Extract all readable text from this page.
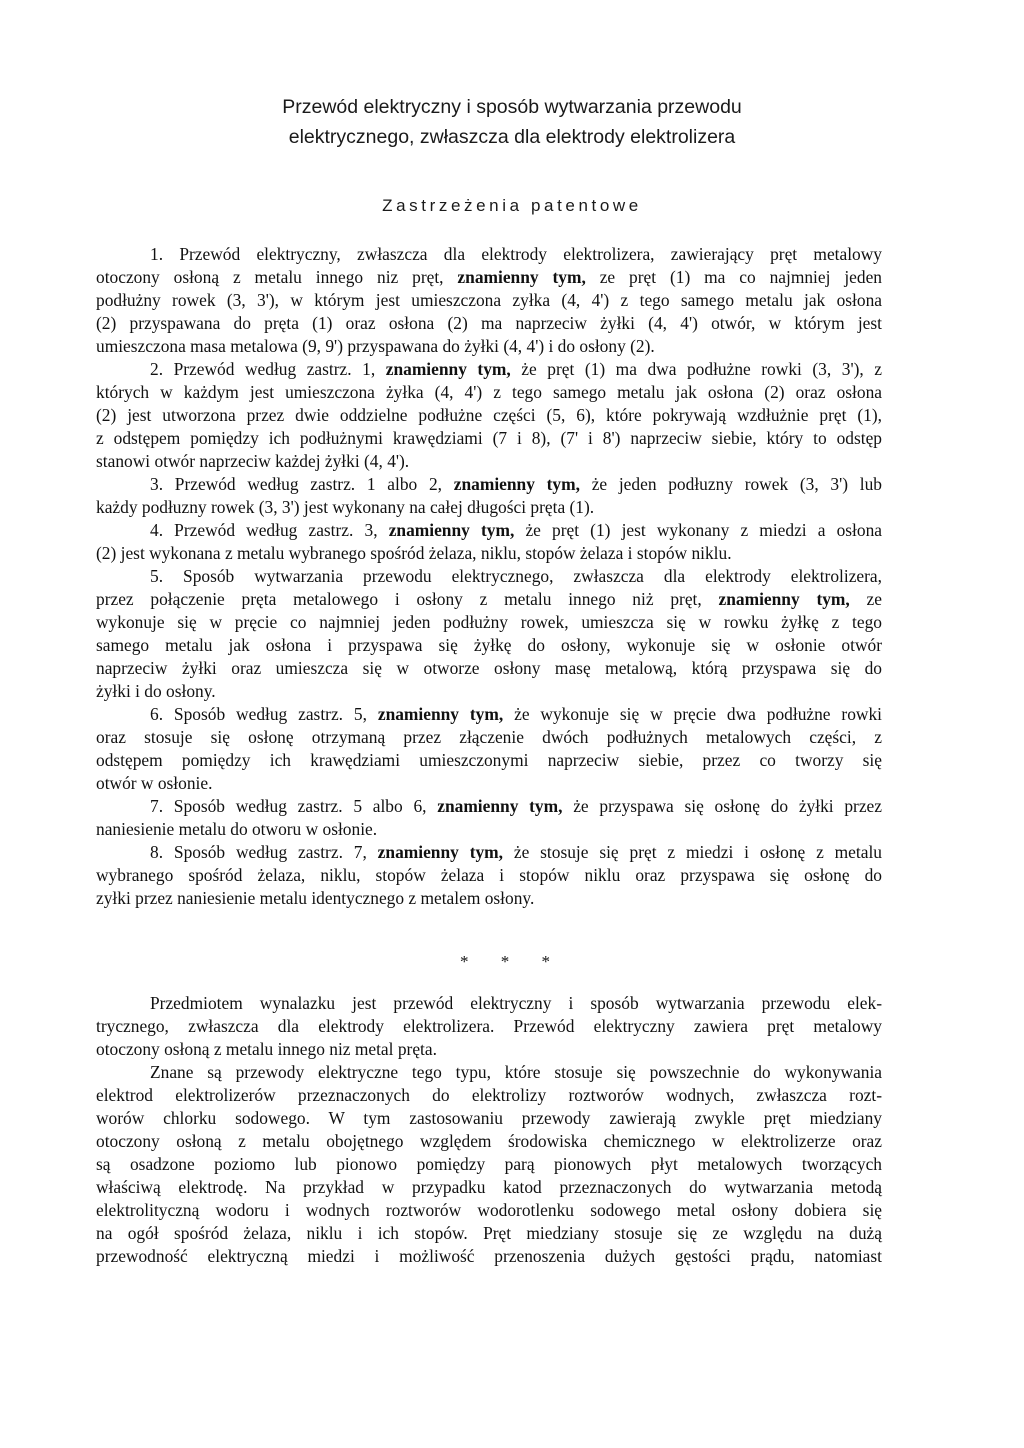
Przewód elektryczny i sposób wytwarzania przewodu
elektrycznego, zwłaszcza dla elektrody elektrolizera
Zastrzeżenia patentowe
1. Przewód elektryczny, zwłaszcza dla elektrody elektrolizera, zawierający pręt metalowy
otoczony osłoną z metalu innego niz pręt, znamienny tym, ze pręt (1) ma co najmniej jeden
podłużny rowek (3, 3'), w którym jest umieszczona zyłka (4, 4') z tego samego metalu jak osłona
(2) przyspawana do pręta (1) oraz osłona (2) ma naprzeciw żyłki (4, 4') otwór, w którym jest
umieszczona masa metalowa (9, 9') przyspawana do żyłki (4, 4') i do osłony (2).
2. Przewód według zastrz. 1, znamienny tym, że pręt (1) ma dwa podłużne rowki (3, 3'), z
których w każdym jest umieszczona żyłka (4, 4') z tego samego metalu jak osłona (2) oraz osłona
(2) jest utworzona przez dwie oddzielne podłużne części (5, 6), które pokrywają wzdłużnie pręt (1),
z odstępem pomiędzy ich podłużnymi krawędziami (7 i 8), (7' i 8') naprzeciw siebie, który to odstęp
stanowi otwór naprzeciw każdej żyłki (4, 4').
3. Przewód według zastrz. 1 albo 2, znamienny tym, że jeden podłuzny rowek (3, 3') lub
każdy podłuzny rowek (3, 3') jest wykonany na całej długości pręta (1).
4. Przewód według zastrz. 3, znamienny tym, że pręt (1) jest wykonany z miedzi a osłona
(2) jest wykonana z metalu wybranego spośród żelaza, niklu, stopów żelaza i stopów niklu.
5. Sposób wytwarzania przewodu elektrycznego, zwłaszcza dla elektrody elektrolizera,
przez połączenie pręta metalowego i osłony z metalu innego niż pręt, znamienny tym, ze
wykonuje się w pręcie co najmniej jeden podłużny rowek, umieszcza się w rowku żyłkę z tego
samego metalu jak osłona i przyspawa się żyłkę do osłony, wykonuje się w osłonie otwór
naprzeciw żyłki oraz umieszcza się w otworze osłony masę metalową, którą przyspawa się do
żyłki i do osłony.
6. Sposób według zastrz. 5, znamienny tym, że wykonuje się w pręcie dwa podłużne rowki
oraz stosuje się osłonę otrzymaną przez złączenie dwóch podłużnych metalowych części, z
odstępem pomiędzy ich krawędziami umieszczonymi naprzeciw siebie, przez co tworzy się
otwór w osłonie.
7. Sposób według zastrz. 5 albo 6, znamienny tym, że przyspawa się osłonę do żyłki przez
naniesienie metalu do otworu w osłonie.
8. Sposób według zastrz. 7, znamienny tym, że stosuje się pręt z miedzi i osłonę z metalu
wybranego spośród żelaza, niklu, stopów żelaza i stopów niklu oraz przyspawa się osłonę do
zyłki przez naniesienie metalu identycznego z metalem osłony.
* * *
Przedmiotem wynalazku jest przewód elektryczny i sposób wytwarzania przewodu elek-
trycznego, zwłaszcza dla elektrody elektrolizera. Przewód elektryczny zawiera pręt metalowy
otoczony osłoną z metalu innego niz metal pręta.
Znane są przewody elektryczne tego typu, które stosuje się powszechnie do wykonywania
elektrod elektrolizerów przeznaczonych do elektrolizy roztworów wodnych, zwłaszcza rozt-
worów chlorku sodowego. W tym zastosowaniu przewody zawierają zwykle pręt miedziany
otoczony osłoną z metalu obojętnego względem środowiska chemicznego w elektrolizerze oraz
są osadzone poziomo lub pionowo pomiędzy parą pionowych płyt metalowych tworzących
właściwą elektrodę. Na przykład w przypadku katod przeznaczonych do wytwarzania metodą
elektrolityczną wodoru i wodnych roztworów wodorotlenku sodowego metal osłony dobiera się
na ogół spośród żelaza, niklu i ich stopów. Pręt miedziany stosuje się ze względu na dużą
przewodność elektryczną miedzi i możliwość przenoszenia dużych gęstości prądu, natomiast
